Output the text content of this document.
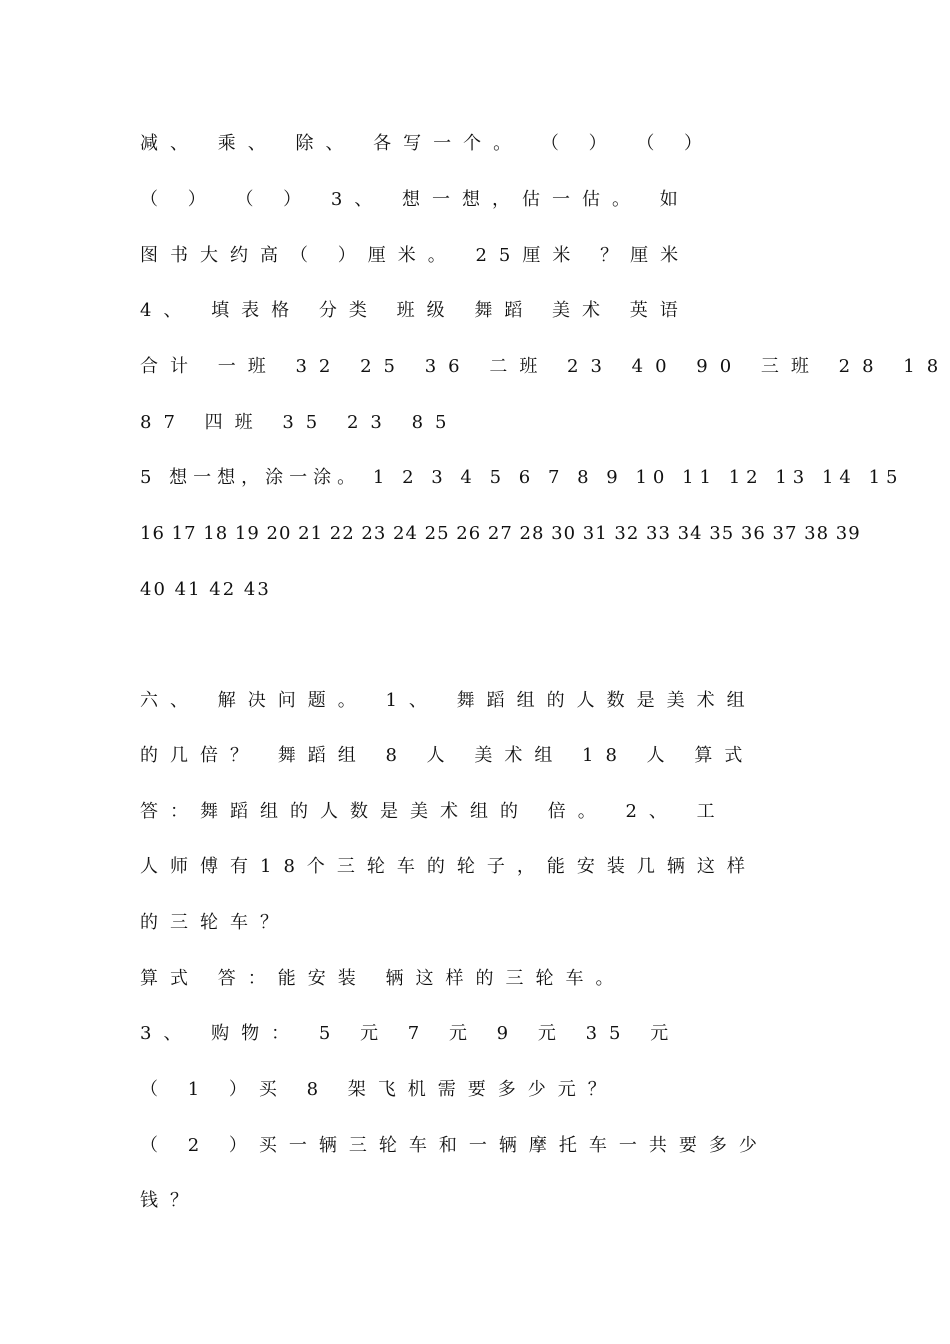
减、 乘、 除、 各写一个。 （ ） （ ）
（ ） （ ） 3、 想一想，估一估。 如
图书大约高（ ）厘米。 25厘米 ？厘米
4、 填表格 分类 班级 舞蹈 美术 英语
合计 一班 32 25 36 二班 23 40 90 三班 28 18
87 四班 35 23 85
5 想一想，涂一涂。 1 2 3 4 5 6 7 8 9 10 11 12 13 14 15
16 17 18 19 20 21 22 23 24 25 26 27 28 30 31 32 33 34 35 36 37 38 39
40 41 42 43
六、 解决问题。 1、 舞蹈组的人数是美术组
的几倍？ 舞蹈组 8 人 美术组 18 人 算式
答：舞蹈组的人数是美术组的 倍。 2、 工
人师傅有18个三轮车的轮子，能安装几辆这样
的三轮车？
算式 答：能安装 辆这样的三轮车。
3、 购物： 5 元 7 元 9 元 35 元
（ 1 ）买 8 架飞机需要多少元？
（ 2 ）买一辆三轮车和一辆摩托车一共要多少
钱？
